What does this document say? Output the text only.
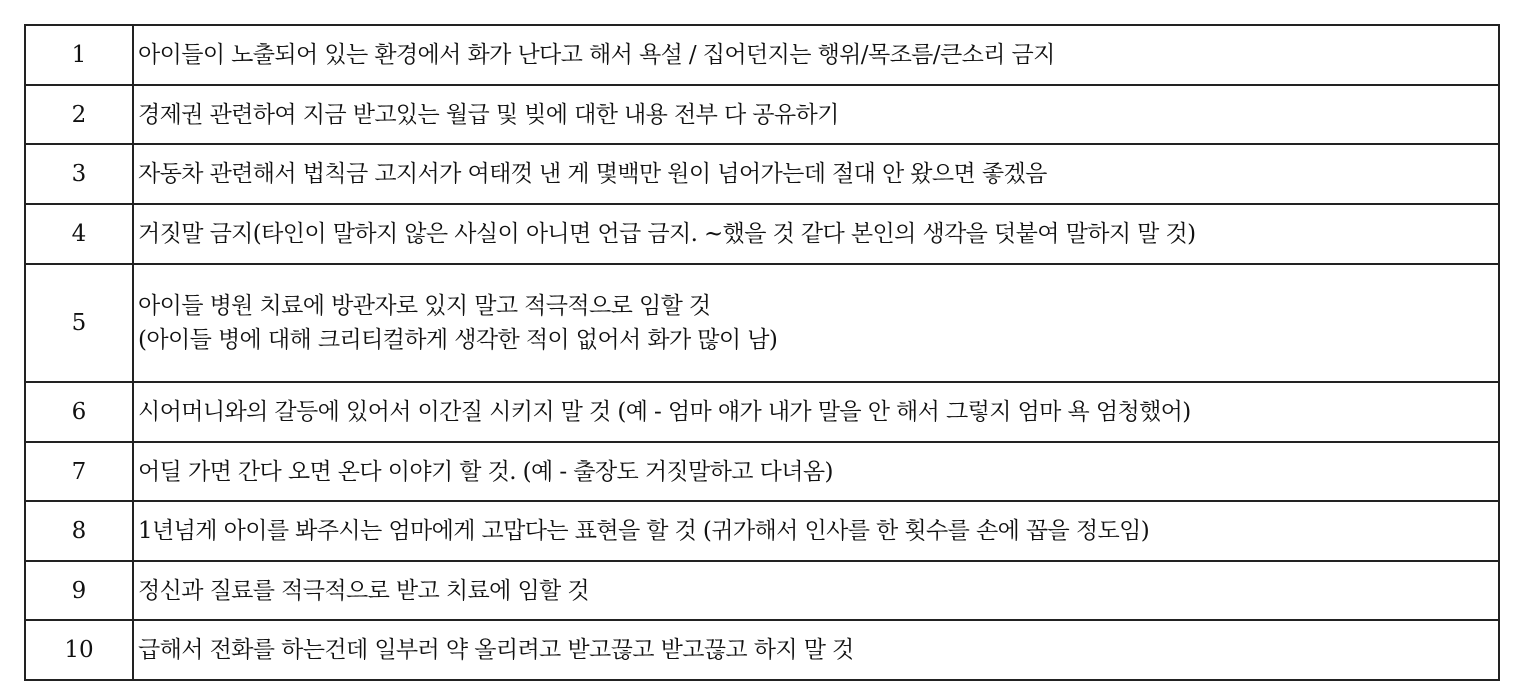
1	아이들이 노출되어 있는 환경에서 화가 난다고 해서 욕설 / 집어던지는 행위/목조름/큰소리 금지
2	경제권 관련하여 지금 받고있는 월급 및 빚에 대한 내용 전부 다 공유하기
3	자동차 관련해서 법칙금 고지서가 여태껏 낸 게 몇백만 원이 넘어가는데 절대 안 왔으면 좋겠음
4	거짓말 금지(타인이 말하지 않은 사실이 아니면 언급 금지. ~했을 것 같다 본인의 생각을 덧붙여 말하지 말 것)
5	아이들 병원 치료에 방관자로 있지 말고 적극적으로 임할 것
(아이들 병에 대해 크리티컬하게 생각한 적이 없어서 화가 많이 남)
6	시어머니와의 갈등에 있어서 이간질 시키지 말 것 (예 - 엄마 얘가 내가 말을 안 해서 그렇지 엄마 욕 엄청했어)
7	어딜 가면 간다 오면 온다 이야기 할 것. (예 - 출장도 거짓말하고 다녀옴)
8	1년넘게 아이를 봐주시는 엄마에게 고맙다는 표현을 할 것 (귀가해서 인사를 한 횟수를 손에 꼽을 정도임)
9	정신과 질료를 적극적으로 받고 치료에 임할 것
10	급해서 전화를 하는건데 일부러 약 올리려고 받고끊고 받고끊고 하지 말 것
